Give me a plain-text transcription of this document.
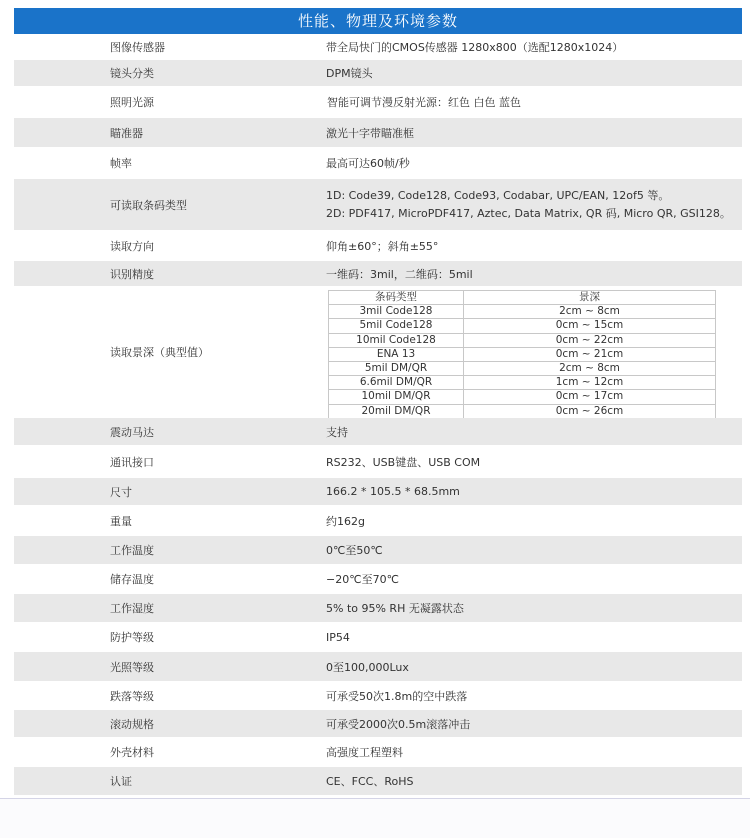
性能、物理及环境参数
图像传感器	带全局快门的CMOS传感器 1280x800（选配1280x1024）
镜头分类	DPM镜头
照明光源	智能可调节漫反射光源：红色 白色 蓝色
瞄准器	激光十字带瞄准框
帧率	最高可达60帧/秒
可读取条码类型
1D: Code39, Code128, Code93, Codabar, UPC/EAN, 12of5 等。
2D: PDF417, MicroPDF417, Aztec, Data Matrix, QR 码, Micro QR, GSI128。
读取方向	仰角±60°；斜角±55°
识别精度	一维码：3mil，二维码：5mil
读取景深（典型值）
条码类型	景深
3mil Code128	2cm ~ 8cm
5mil Code128	0cm ~ 15cm
10mil Code128	0cm ~ 22cm
ENA 13	0cm ~ 21cm
5mil DM/QR	2cm ~ 8cm
6.6mil DM/QR	1cm ~ 12cm
10mil DM/QR	0cm ~ 17cm
20mil DM/QR	0cm ~ 26cm
震动马达	支持
通讯接口	RS232、USB键盘、USB COM
尺寸	166.2 * 105.5 * 68.5mm
重量	约162g
工作温度	0℃至50℃
储存温度	−20℃至70℃
工作湿度	5% to 95% RH 无凝露状态
防护等级	IP54
光照等级	0至100,000Lux
跌落等级	可承受50次1.8m的空中跌落
滚动规格	可承受2000次0.5m滚落冲击
外壳材料	高强度工程塑料
认证	CE、FCC、RoHS
